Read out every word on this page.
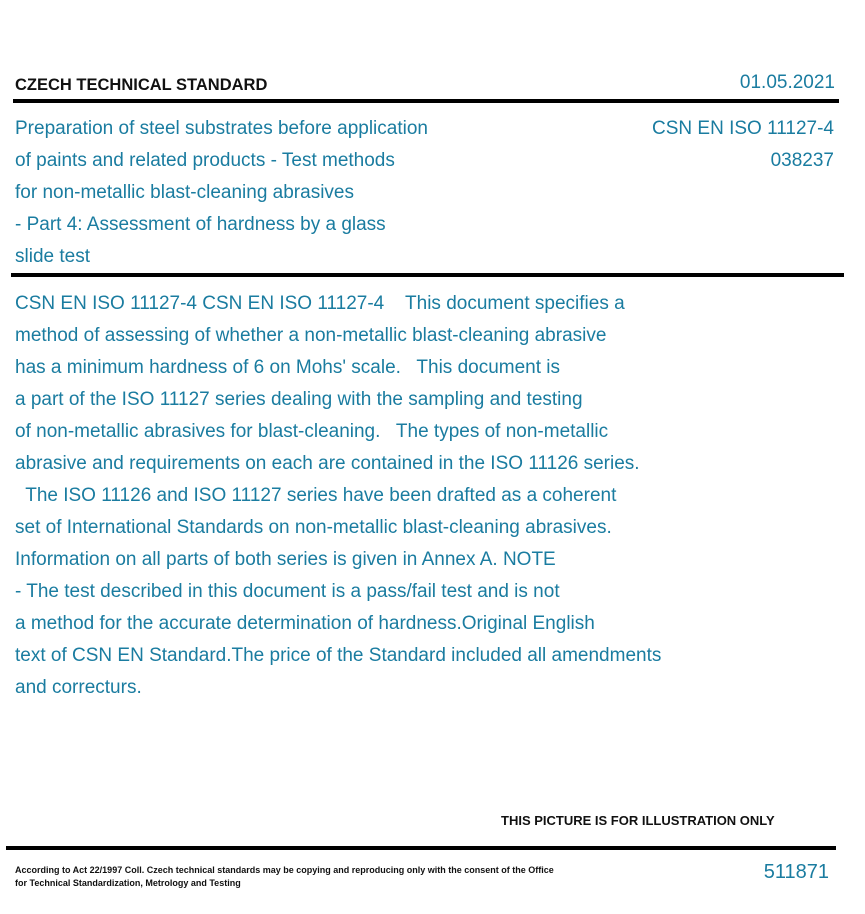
CZECH TECHNICAL STANDARD	01.05.2021
Preparation of steel substrates before application
of paints and related products - Test methods
for non-metallic blast-cleaning abrasives
- Part 4: Assessment of hardness by a glass
slide test
CSN EN ISO 11127-4
038237
CSN EN ISO 11127-4 CSN EN ISO 11127-4    This document specifies a
method of assessing of whether a non-metallic blast-cleaning abrasive
has a minimum hardness of 6 on Mohs' scale.   This document is
a part of the ISO 11127 series dealing with the sampling and testing
of non-metallic abrasives for blast-cleaning.   The types of non-metallic
abrasive and requirements on each are contained in the ISO 11126 series.
The ISO 11126 and ISO 11127 series have been drafted as a coherent
set of International Standards on non-metallic blast-cleaning abrasives.
Information on all parts of both series is given in Annex A. NOTE
- The test described in this document is a pass/fail test and is not
a method for the accurate determination of hardness.Original English
text of CSN EN Standard.The price of the Standard included all amendments
and correcturs.
THIS PICTURE IS FOR ILLUSTRATION ONLY
According to Act 22/1997 Coll. Czech technical standards may be copying and reproducing only with the consent of the Office
for Technical Standardization, Metrology and Testing	511871
